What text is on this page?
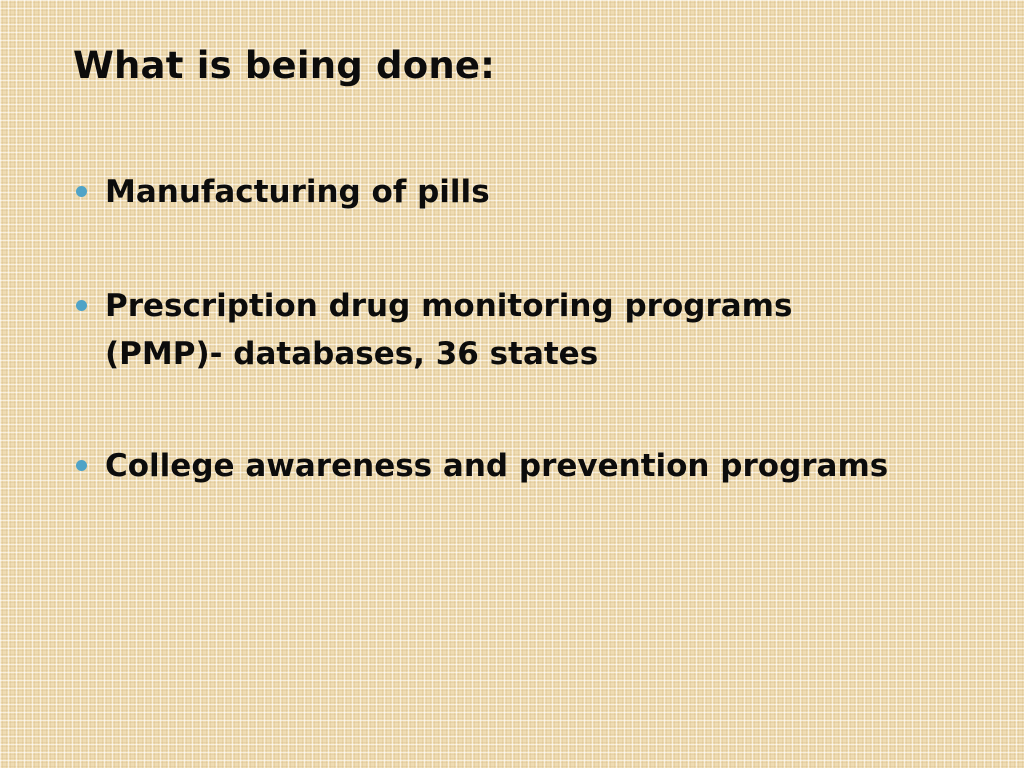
What is being done:
Manufacturing of pills
Prescription drug monitoring programs
(PMP)- databases, 36 states
College awareness and prevention programs
